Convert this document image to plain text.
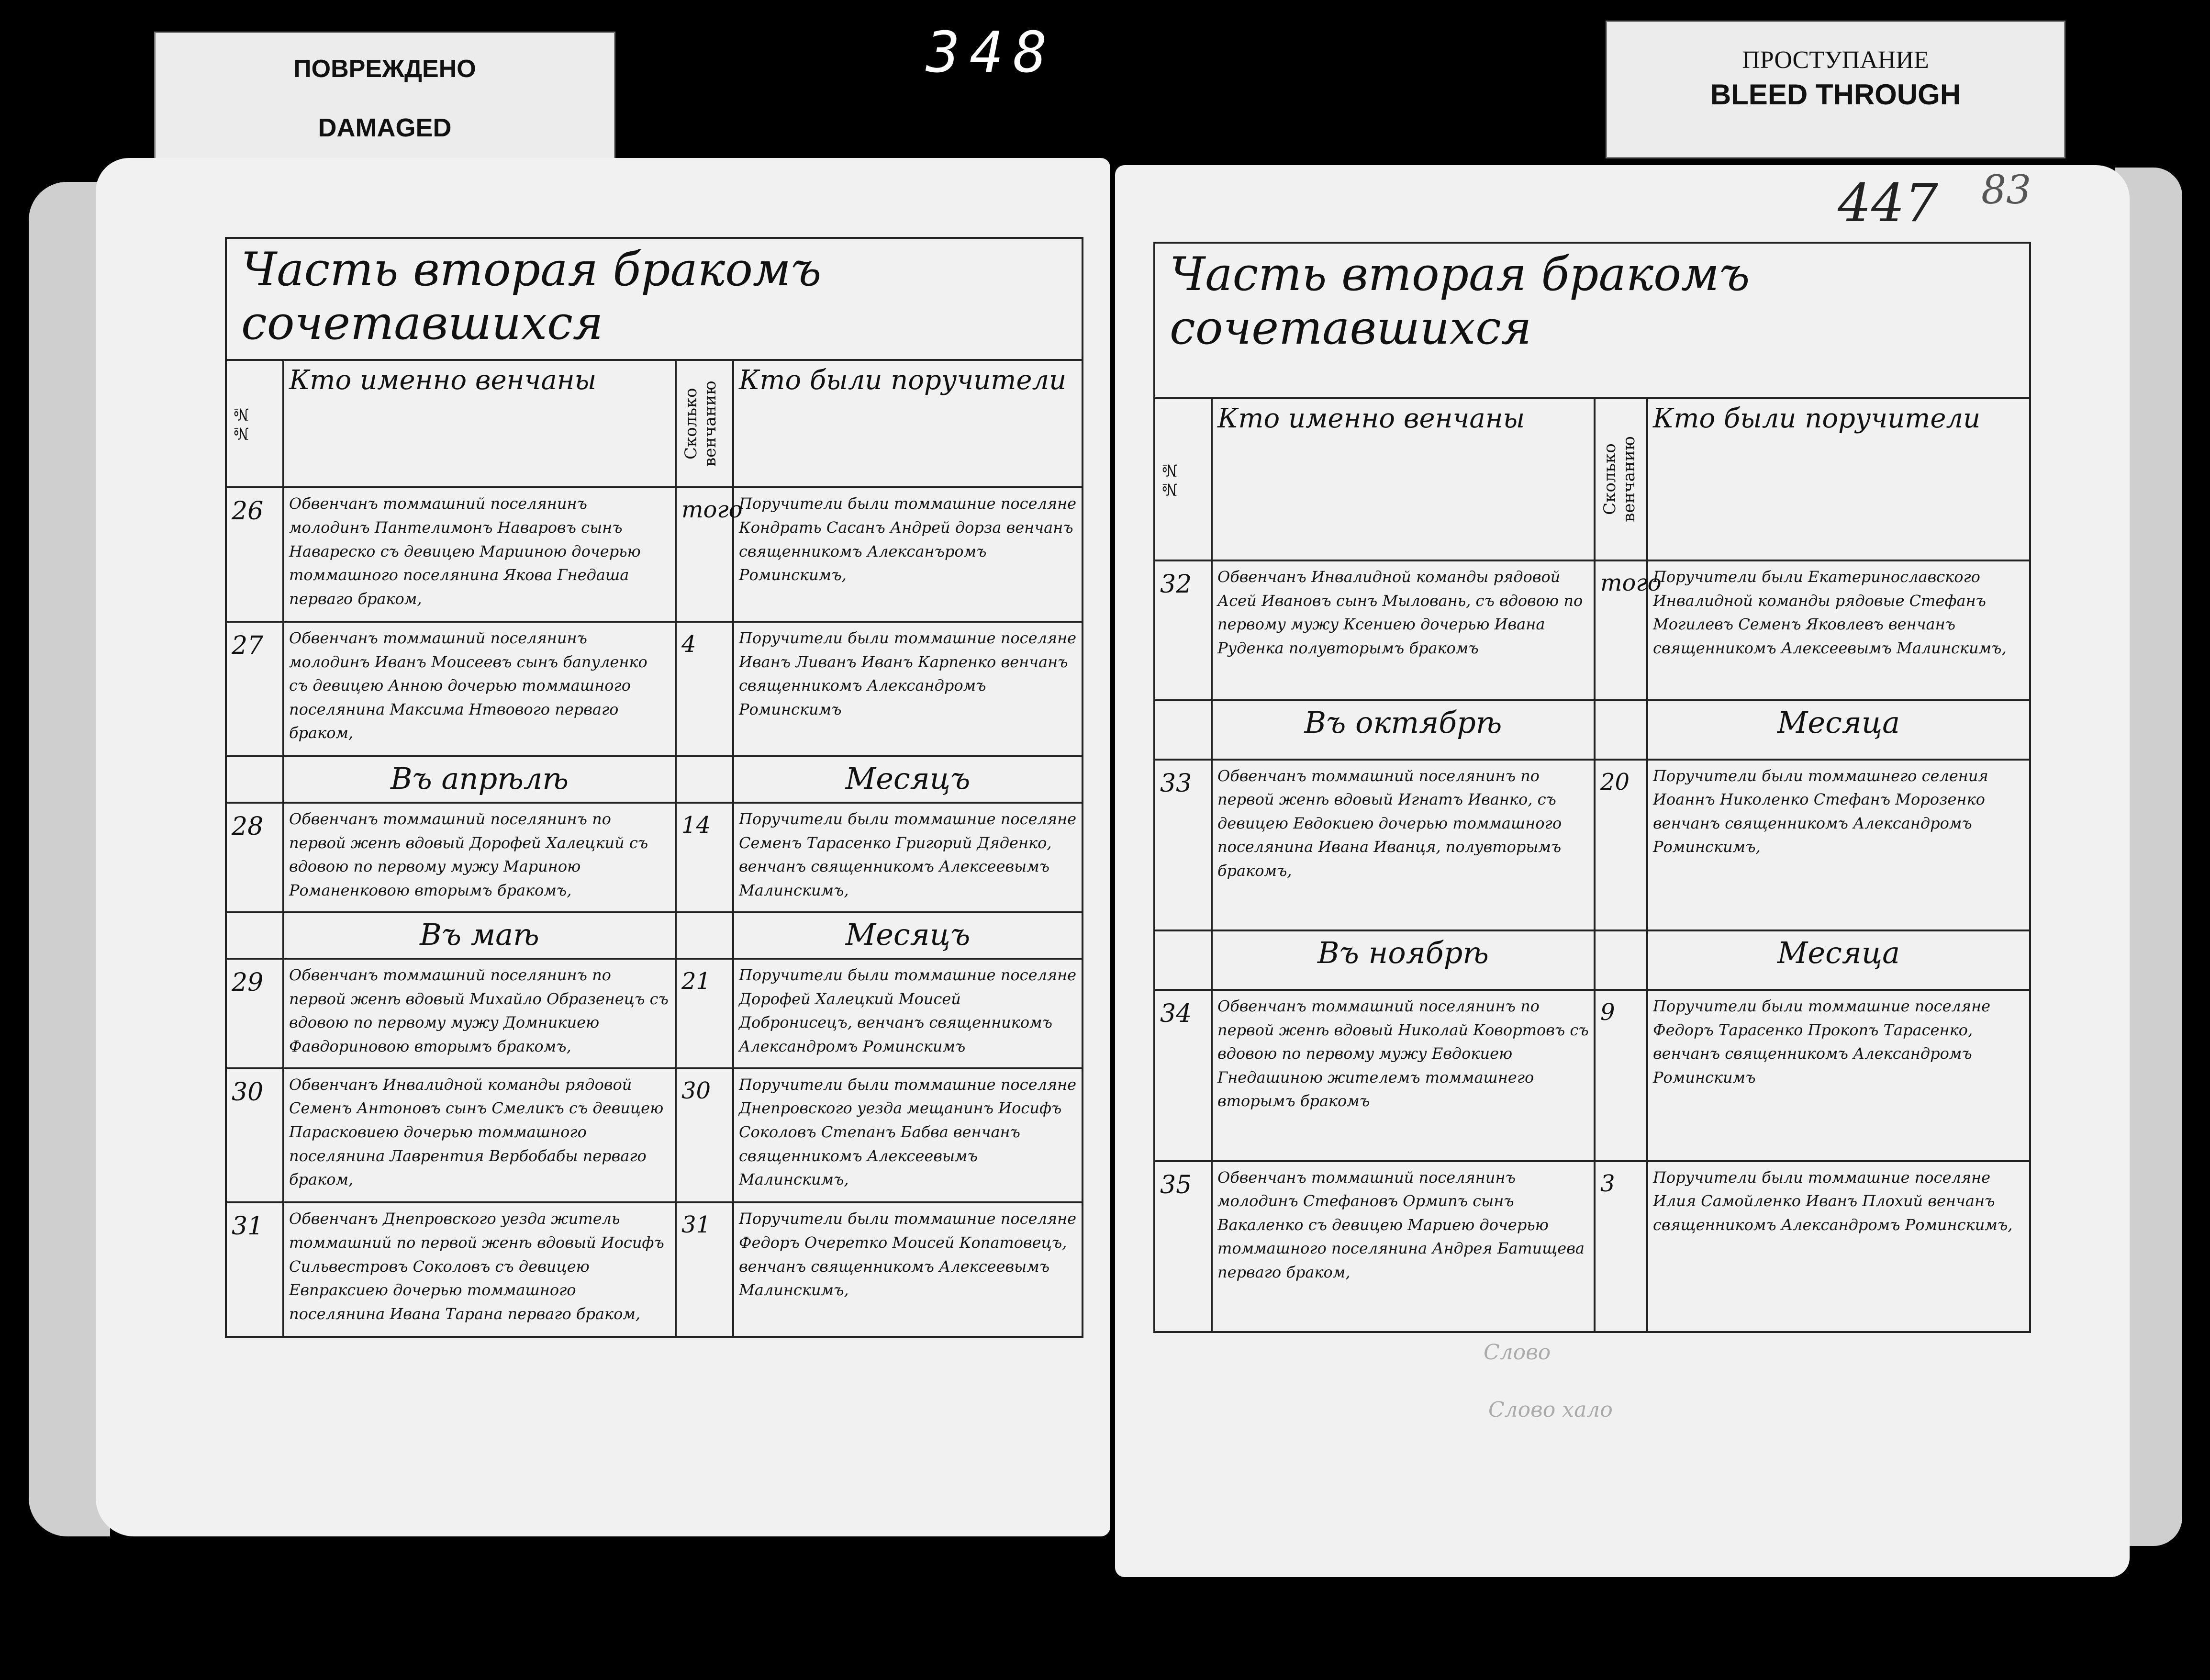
ПОВРЕЖДЕНО
DAMAGED
348	ПРОСТУПАНИЕ
BLEED THROUGH
447 83
Часть вторая бракомъ сочетавшихся			
№№	Кто именно венчаны	Сколько венчанию	Кто были поручители
26	Обвенчанъ томмашний поселянинъ молодинъ Пантелимонъ Наваровъ сынъ Навареско съ девицею Марииною дочерью томмашного поселянина Якова Гнедаша перваго браком,	того	Поручители были томмашние поселяне Кондрать Сасанъ Андрей дорза венчанъ священникомъ Алексанъромъ Роминскимъ,
27	Обвенчанъ томмашний поселянинъ молодинъ Иванъ Моисеевъ сынъ бапуленко съ девицею Анною дочерью томмашного поселянина Максима Нтвового перваго браком,	4	Поручители были томмашние поселяне Иванъ Ливанъ Иванъ Карпенко венчанъ священникомъ Александромъ Роминскимъ
	Въ апрѣлѣ		Месяцъ
28	Обвенчанъ томмашний поселянинъ по первой женѣ вдовый Дорофей Халецкий съ вдовою по первому мужу Мариною Романенковою вторымъ бракомъ,	14	Поручители были томмашние поселяне Семенъ Тарасенко Григорий Дяденко, венчанъ священникомъ Алексеевымъ Малинскимъ,
	Въ маѣ		Месяцъ
29	Обвенчанъ томмашний поселянинъ по первой женѣ вдовый Михайло Образенецъ съ вдовою по первому мужу Домникиею Фавдориновою вторымъ бракомъ,	21	Поручители были томмашние поселяне Дорофей Халецкий Моисей Добронисецъ, венчанъ священникомъ Александромъ Роминскимъ
30	Обвенчанъ Инвалидной команды рядовой Семенъ Антоновъ сынъ Смеликъ съ девицею Парасковиею дочерью томмашного поселянина Лаврентия Вербобабы перваго браком,	30	Поручители были томмашние поселяне Днепровского уезда мещанинъ Иосифъ Соколовъ Степанъ Бабва венчанъ священникомъ Алексеевымъ Малинскимъ,
31	Обвенчанъ Днепровского уезда житель томмашний по первой женѣ вдовый Иосифъ Сильвестровъ Соколовъ съ девицею Евпраксиею дочерью томмашного поселянина Ивана Тарана перваго браком,	31	Поручители были томмашние поселяне Федоръ Очеретко Моисей Копатовецъ, венчанъ священникомъ Алексеевымъ Малинскимъ,
Часть вторая бракомъ сочетавшихся			
№№	Кто именно венчаны	Сколько венчанию	Кто были поручители
32	Обвенчанъ Инвалидной команды рядовой Асей Ивановъ сынъ Мыловань, съ вдовою по первому мужу Ксениею дочерью Ивана Руденка полувторымъ бракомъ	того	Поручители были Екатеринославского Инвалидной команды рядовые Стефанъ Могилевъ Семенъ Яковлевъ венчанъ священникомъ Алексеевымъ Малинскимъ,
	Въ октябрѣ		Месяца
33	Обвенчанъ томмашний поселянинъ по первой женѣ вдовый Игнатъ Иванко, съ девицею Евдокиею дочерью томмашного поселянина Ивана Иванця, полувторымъ бракомъ,	20	Поручители были томмашнего селения Иоаннъ Николенко Стефанъ Морозенко венчанъ священникомъ Александромъ Роминскимъ,
	Въ ноябрѣ		Месяца
34	Обвенчанъ томмашний поселянинъ по первой женѣ вдовый Николай Ковортовъ съ вдовою по первому мужу Евдокиею Гнедашиною жителемъ томмашнего вторымъ бракомъ	9	Поручители были томмашние поселяне Федоръ Тарасенко Прокопъ Тарасенко, венчанъ священникомъ Александромъ Роминскимъ
35	Обвенчанъ томмашний поселянинъ молодинъ Стефановъ Ормипъ сынъ Вакаленко съ девицею Мариею дочерью томмашного поселянина Андрея Батищева перваго браком,	3	Поручители были томмашние поселяне Илия Самойленко Иванъ Плохий венчанъ священникомъ Александромъ Роминскимъ,
Слово
Слово хало
